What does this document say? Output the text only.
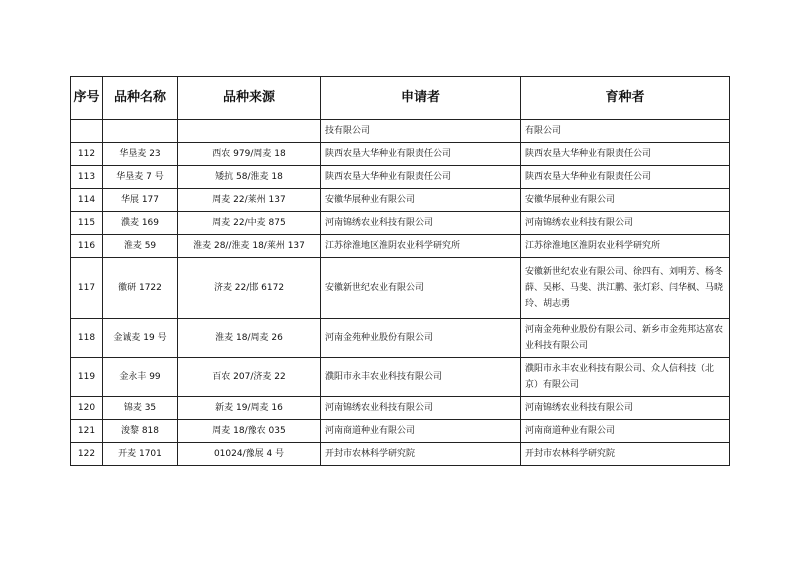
序号	品种名称	品种来源	申请者	育种者
			技有限公司	有限公司
112	华垦麦 23	西农 979/周麦 18	陕西农垦大华种业有限责任公司	陕西农垦大华种业有限责任公司
113	华垦麦 7 号	矮抗 58/淮麦 18	陕西农垦大华种业有限责任公司	陕西农垦大华种业有限责任公司
114	华展 177	周麦 22/莱州 137	安徽华展种业有限公司	安徽华展种业有限公司
115	濮麦 169	周麦 22/中麦 875	河南锦绣农业科技有限公司	河南锦绣农业科技有限公司
116	淮麦 59	淮麦 28//淮麦 18/莱州 137	江苏徐淮地区淮阴农业科学研究所	江苏徐淮地区淮阴农业科学研究所
117	徽研 1722	济麦 22/邯 6172	安徽新世纪农业有限公司	安徽新世纪农业有限公司、徐四有、刘明芳、杨冬薛、吴彬、马斐、洪江鹏、张灯彩、闫华枫、马晓玲、胡志勇
118	金诚麦 19 号	淮麦 18/周麦 26	河南金苑种业股份有限公司	河南金苑种业股份有限公司、新乡市金苑邦达富农业科技有限公司
119	金永丰 99	百农 207/济麦 22	濮阳市永丰农业科技有限公司	濮阳市永丰农业科技有限公司、众人信科技（北京）有限公司
120	锦麦 35	新麦 19/周麦 16	河南锦绣农业科技有限公司	河南锦绣农业科技有限公司
121	浚黎 818	周麦 18/豫农 035	河南商道种业有限公司	河南商道种业有限公司
122	开麦 1701	01024/豫展 4 号	开封市农林科学研究院	开封市农林科学研究院
